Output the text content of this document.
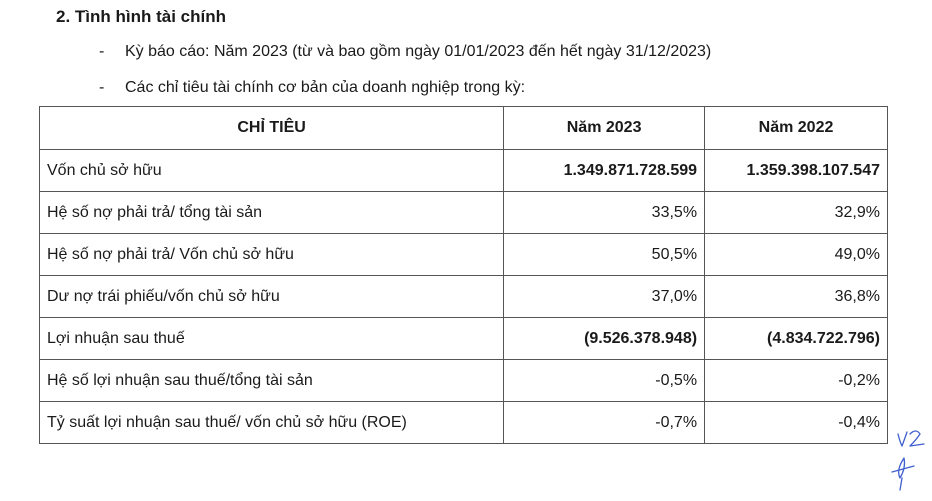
2. Tình hình tài chính
-	Kỳ báo cáo: Năm 2023 (từ và bao gồm ngày 01/01/2023 đến hết ngày 31/12/2023)
-	Các chỉ tiêu tài chính cơ bản của doanh nghiệp trong kỳ:
CHỈ TIÊU	Năm 2023	Năm 2022
Vốn chủ sở hữu	1.349.871.728.599	1.359.398.107.547
Hệ số nợ phải trả/ tổng tài sản	33,5%	32,9%
Hệ số nợ phải trả/ Vốn chủ sở hữu	50,5%	49,0%
Dư nợ trái phiếu/vốn chủ sở hữu	37,0%	36,8%
Lợi nhuận sau thuế	(9.526.378.948)	(4.834.722.796)
Hệ số lợi nhuận sau thuế/tổng tài sản	-0,5%	-0,2%
Tỷ suất lợi nhuận sau thuế/ vốn chủ sở hữu (ROE)	-0,7%	-0,4%
